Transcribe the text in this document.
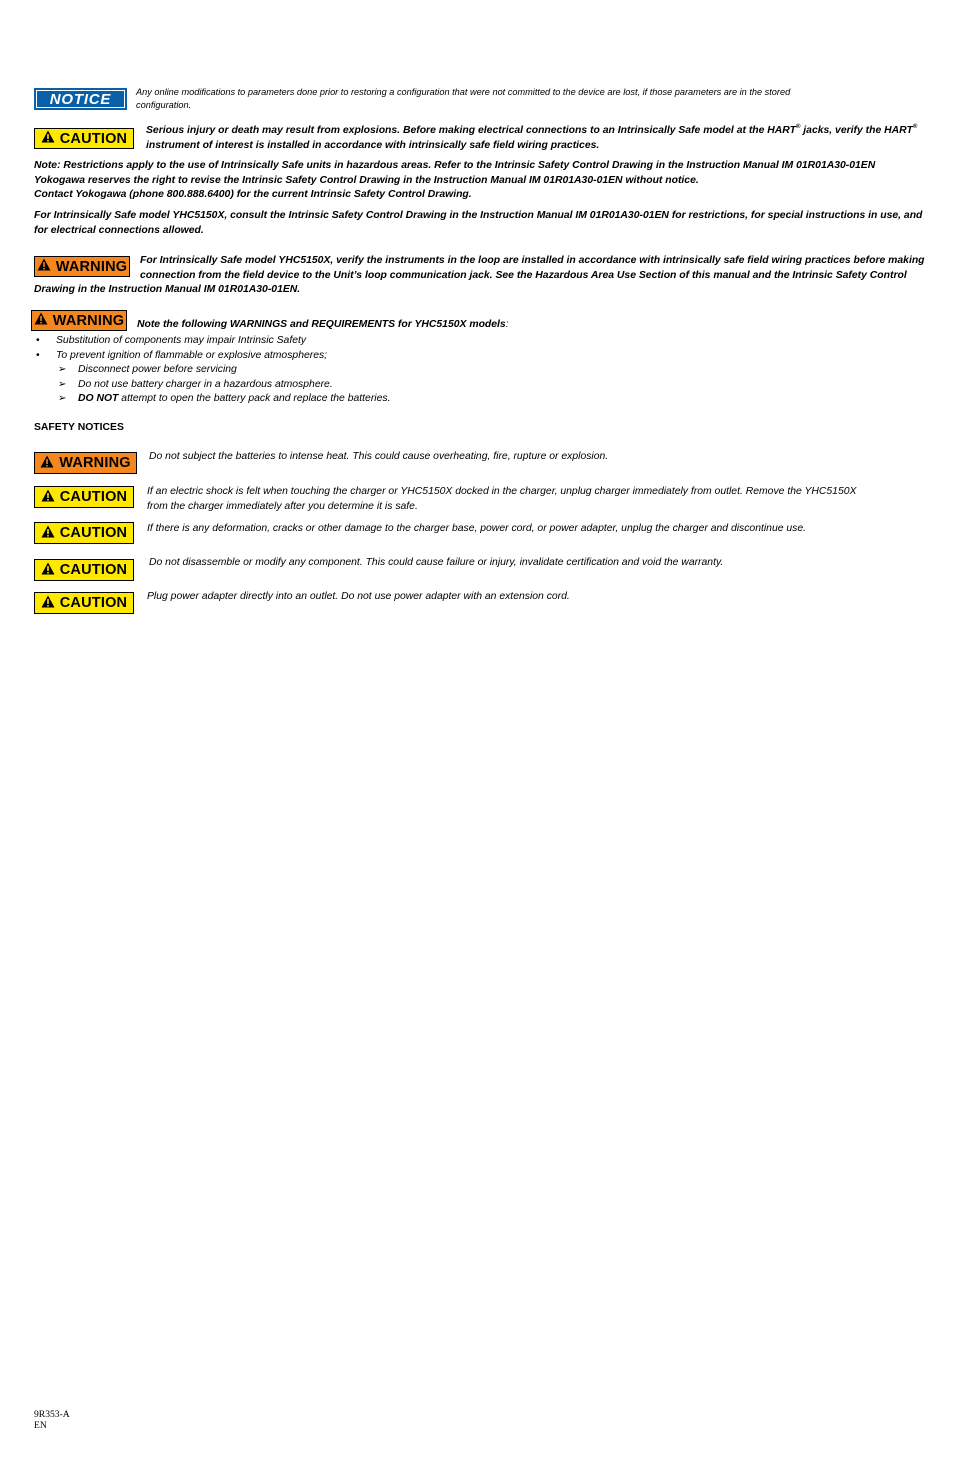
NOTICE	Any online modifications to parameters done prior to restoring a configuration that were not committed to the device are lost, if those parameters are in the stored
configuration.
CAUTION Serious injury or death may result from explosions. Before making electrical connections to an Intrinsically Safe model at the HART® jacks, verify the HART®
instrument of interest is installed in accordance with intrinsically safe field wiring practices.
Note: Restrictions apply to the use of Intrinsically Safe units in hazardous areas. Refer to the Intrinsic Safety Control Drawing in the Instruction Manual IM 01R01A30-01EN
Yokogawa reserves the right to revise the Intrinsic Safety Control Drawing in the Instruction Manual IM 01R01A30-01EN without notice.
Contact Yokogawa (phone 800.888.6400) for the current Intrinsic Safety Control Drawing.
For Intrinsically Safe model YHC5150X, consult the Intrinsic Safety Control Drawing in the Instruction Manual IM 01R01A30-01EN for restrictions, for special instructions in use, and
for electrical connections allowed.
WARNING For Intrinsically Safe model YHC5150X, verify the instruments in the loop are installed in accordance with intrinsically safe field wiring practices before making
connection from the field device to the Unit’s loop communication jack. See the Hazardous Area Use Section of this manual and the Intrinsic Safety Control
Drawing in the Instruction Manual IM 01R01A30-01EN.
WARNING Note the following WARNINGS and REQUIREMENTS for YHC5150X models:
• Substitution of components may impair Intrinsic Safety
• To prevent ignition of flammable or explosive atmospheres;
➢ Disconnect power before servicing
➢ Do not use battery charger in a hazardous atmosphere.
➢ DO NOT attempt to open the battery pack and replace the batteries.
SAFETY NOTICES
WARNING Do not subject the batteries to intense heat. This could cause overheating, fire, rupture or explosion.
CAUTION If an electric shock is felt when touching the charger or YHC5150X docked in the charger, unplug charger immediately from outlet. Remove the YHC5150X
from the charger immediately after you determine it is safe.
CAUTION If there is any deformation, cracks or other damage to the charger base, power cord, or power adapter, unplug the charger and discontinue use.
CAUTION Do not disassemble or modify any component. This could cause failure or injury, invalidate certification and void the warranty.
CAUTION Plug power adapter directly into an outlet. Do not use power adapter with an extension cord.
9R353-A
EN
